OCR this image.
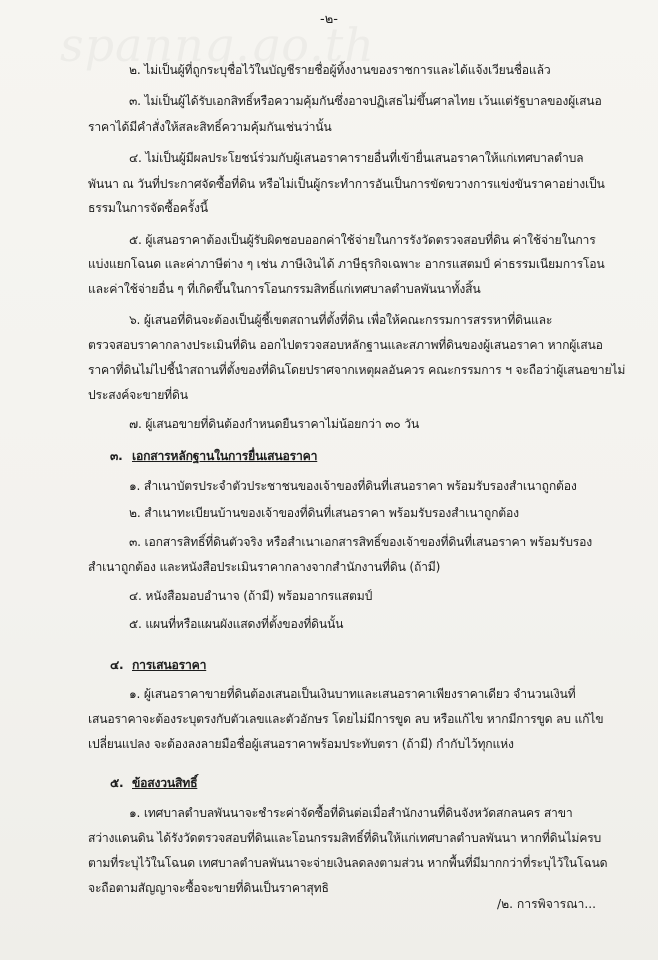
-๒-
๒. ไม่เป็นผู้ที่ถูกระบุชื่อไว้ในบัญชีรายชื่อผู้ทิ้งงานของราชการและได้แจ้งเวียนชื่อแล้ว
๓. ไม่เป็นผู้ได้รับเอกสิทธิ์หรือความคุ้มกันซึ่งอาจปฏิเสธไม่ขึ้นศาลไทย เว้นแต่รัฐบาลของผู้เสนอ
ราคาได้มีคำสั่งให้สละสิทธิ์ความคุ้มกันเช่นว่านั้น
๔. ไม่เป็นผู้มีผลประโยชน์ร่วมกับผู้เสนอราคารายอื่นที่เข้ายื่นเสนอราคาให้แก่เทศบาลตำบล
พันนา ณ วันที่ประกาศจัดซื้อที่ดิน หรือไม่เป็นผู้กระทำการอันเป็นการขัดขวางการแข่งขันราคาอย่างเป็น
ธรรมในการจัดซื้อครั้งนี้
๕. ผู้เสนอราคาต้องเป็นผู้รับผิดชอบออกค่าใช้จ่ายในการรังวัดตรวจสอบที่ดิน ค่าใช้จ่ายในการ
แบ่งแยกโฉนด และค่าภาษีต่าง ๆ เช่น ภาษีเงินได้ ภาษีธุรกิจเฉพาะ อากรแสตมป์ ค่าธรรมเนียมการโอน
และค่าใช้จ่ายอื่น ๆ ที่เกิดขึ้นในการโอนกรรมสิทธิ์แก่เทศบาลตำบลพันนาทั้งสิ้น
๖. ผู้เสนอที่ดินจะต้องเป็นผู้ชี้เขตสถานที่ตั้งที่ดิน เพื่อให้คณะกรรมการสรรหาที่ดินและ
ตรวจสอบราคากลางประเมินที่ดิน ออกไปตรวจสอบหลักฐานและสภาพที่ดินของผู้เสนอราคา หากผู้เสนอ
ราคาที่ดินไม่ไปชี้นำสถานที่ตั้งของที่ดินโดยปราศจากเหตุผลอันควร คณะกรรมการ ฯ จะถือว่าผู้เสนอขายไม่
ประสงค์จะขายที่ดิน
๗. ผู้เสนอขายที่ดินต้องกำหนดยืนราคาไม่น้อยกว่า ๓๐ วัน
๓. เอกสารหลักฐานในการยื่นเสนอราคา
๑. สำเนาบัตรประจำตัวประชาชนของเจ้าของที่ดินที่เสนอราคา พร้อมรับรองสำเนาถูกต้อง
๒. สำเนาทะเบียนบ้านของเจ้าของที่ดินที่เสนอราคา พร้อมรับรองสำเนาถูกต้อง
๓. เอกสารสิทธิ์ที่ดินตัวจริง หรือสำเนาเอกสารสิทธิ์ของเจ้าของที่ดินที่เสนอราคา พร้อมรับรอง
สำเนาถูกต้อง และหนังสือประเมินราคากลางจากสำนักงานที่ดิน (ถ้ามี)
๔. หนังสือมอบอำนาจ (ถ้ามี) พร้อมอากรแสตมป์
๕. แผนที่หรือแผนผังแสดงที่ตั้งของที่ดินนั้น
๔. การเสนอราคา
๑. ผู้เสนอราคาขายที่ดินต้องเสนอเป็นเงินบาทและเสนอราคาเพียงราคาเดียว จำนวนเงินที่
เสนอราคาจะต้องระบุตรงกับตัวเลขและตัวอักษร โดยไม่มีการขูด ลบ หรือแก้ไข หากมีการขูด ลบ แก้ไข
เปลี่ยนแปลง จะต้องลงลายมือชื่อผู้เสนอราคาพร้อมประทับตรา (ถ้ามี) กำกับไว้ทุกแห่ง
๕. ข้อสงวนสิทธิ์
๑. เทศบาลตำบลพันนาจะชำระค่าจัดซื้อที่ดินต่อเมื่อสำนักงานที่ดินจังหวัดสกลนคร สาขา
สว่างแดนดิน ได้รังวัดตรวจสอบที่ดินและโอนกรรมสิทธิ์ที่ดินให้แก่เทศบาลตำบลพันนา หากที่ดินไม่ครบ
ตามที่ระบุไว้ในโฉนด เทศบาลตำบลพันนาจะจ่ายเงินลดลงตามส่วน หากพื้นที่มีมากกว่าที่ระบุไว้ในโฉนด
จะถือตามสัญญาจะซื้อจะขายที่ดินเป็นราคาสุทธิ
/๒. การพิจารณา...
